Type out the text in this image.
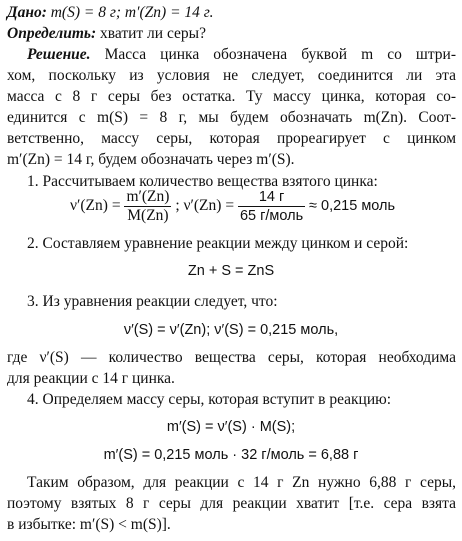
Дано: m(S) = 8 г; m′(Zn) = 14 г.
Определить: хватит ли серы?
Решение. Масса цинка обозначена буквой m со штри-
хом, поскольку из условия не следует, соединится ли эта
масса с 8 г серы без остатка. Ту массу цинка, которая со-
единится с m(S) = 8 г, мы будем обозначать m(Zn). Соот-
ветственно, массу серы, которая прореагирует с цинком
m′(Zn) = 14 г, будем обозначать через m′(S).
1. Рассчитываем количество вещества взятого цинка:
$\nu'(Zn) = \frac{m'(Zn)}{M(Zn)}$ ; $\nu'(Zn) = \frac{14 г}{\text{65 г/моль}} \approx 0,215$ моль
2. Составляем уравнение реакции между цинком и серой:
Zn + S = ZnS
3. Из уравнения реакции следует, что:
ν′(S) = ν′(Zn); ν′(S) = 0,215 моль,
где ν′(S) — количество вещества серы, которая необходима
для реакции с 14 г цинка.
4. Определяем массу серы, которая вступит в реакцию:
m′(S) = ν′(S) · M(S);
m′(S) = 0,215 моль · 32 г/моль = 6,88 г
Таким образом, для реакции с 14 г Zn нужно 6,88 г серы,
поэтому взятых 8 г серы для реакции хватит [т.е. сера взята
в избытке: m′(S) < m(S)].
